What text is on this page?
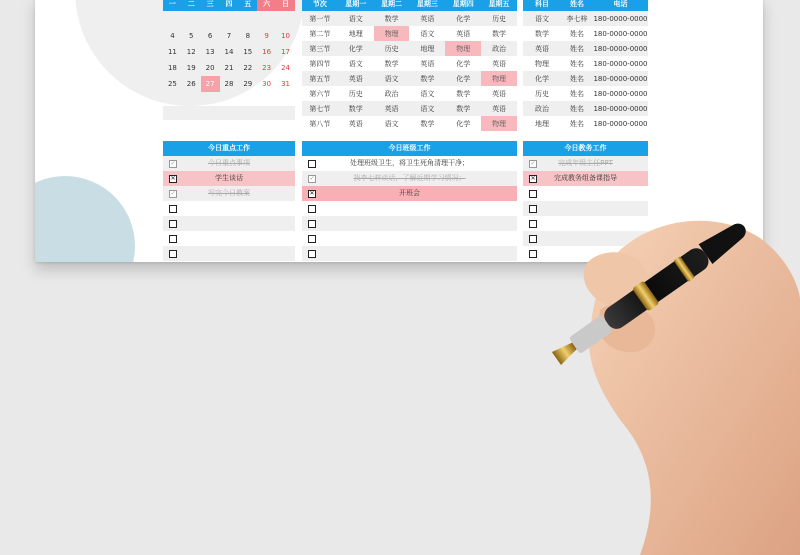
一	二	三	四	五	六	日

4	5	6	7	8	9	10
11	12	13	14	15	16	17
18	19	20	21	22	23	24
25	26	27	28	29	30	31
节次	星期一	星期二	星期三	星期四	星期五
第一节	语文	数学	英语	化学	历史
第二节	地理	物理	语文	英语	数学
第三节	化学	历史	地理	物理	政治
第四节	语文	数学	英语	化学	英语
第五节	英语	语文	数学	化学	物理
第六节	历史	政治	语文	数学	英语
第七节	数学	英语	语文	数学	英语
第八节	英语	语文	数学	化学	物理
科目	姓名	电话
语文	李七梓	180-0000-0000
数学	姓名	180-0000-0000
英语	姓名	180-0000-0000
物理	姓名	180-0000-0000
化学	姓名	180-0000-0000
历史	姓名	180-0000-0000
政治	姓名	180-0000-0000
地理	姓名	180-0000-0000
今日重点工作
✓	今日重点事项
✕	学生谈话
✓	写完今日教案
今日班级工作
处理班级卫生，将卫生死角清理干净；
✓	找李七梓谈话，了解近期学习情况；
✕	开班会
今日教务工作
✓	完成年级主任PPT
✕	完成教务组备课指导
